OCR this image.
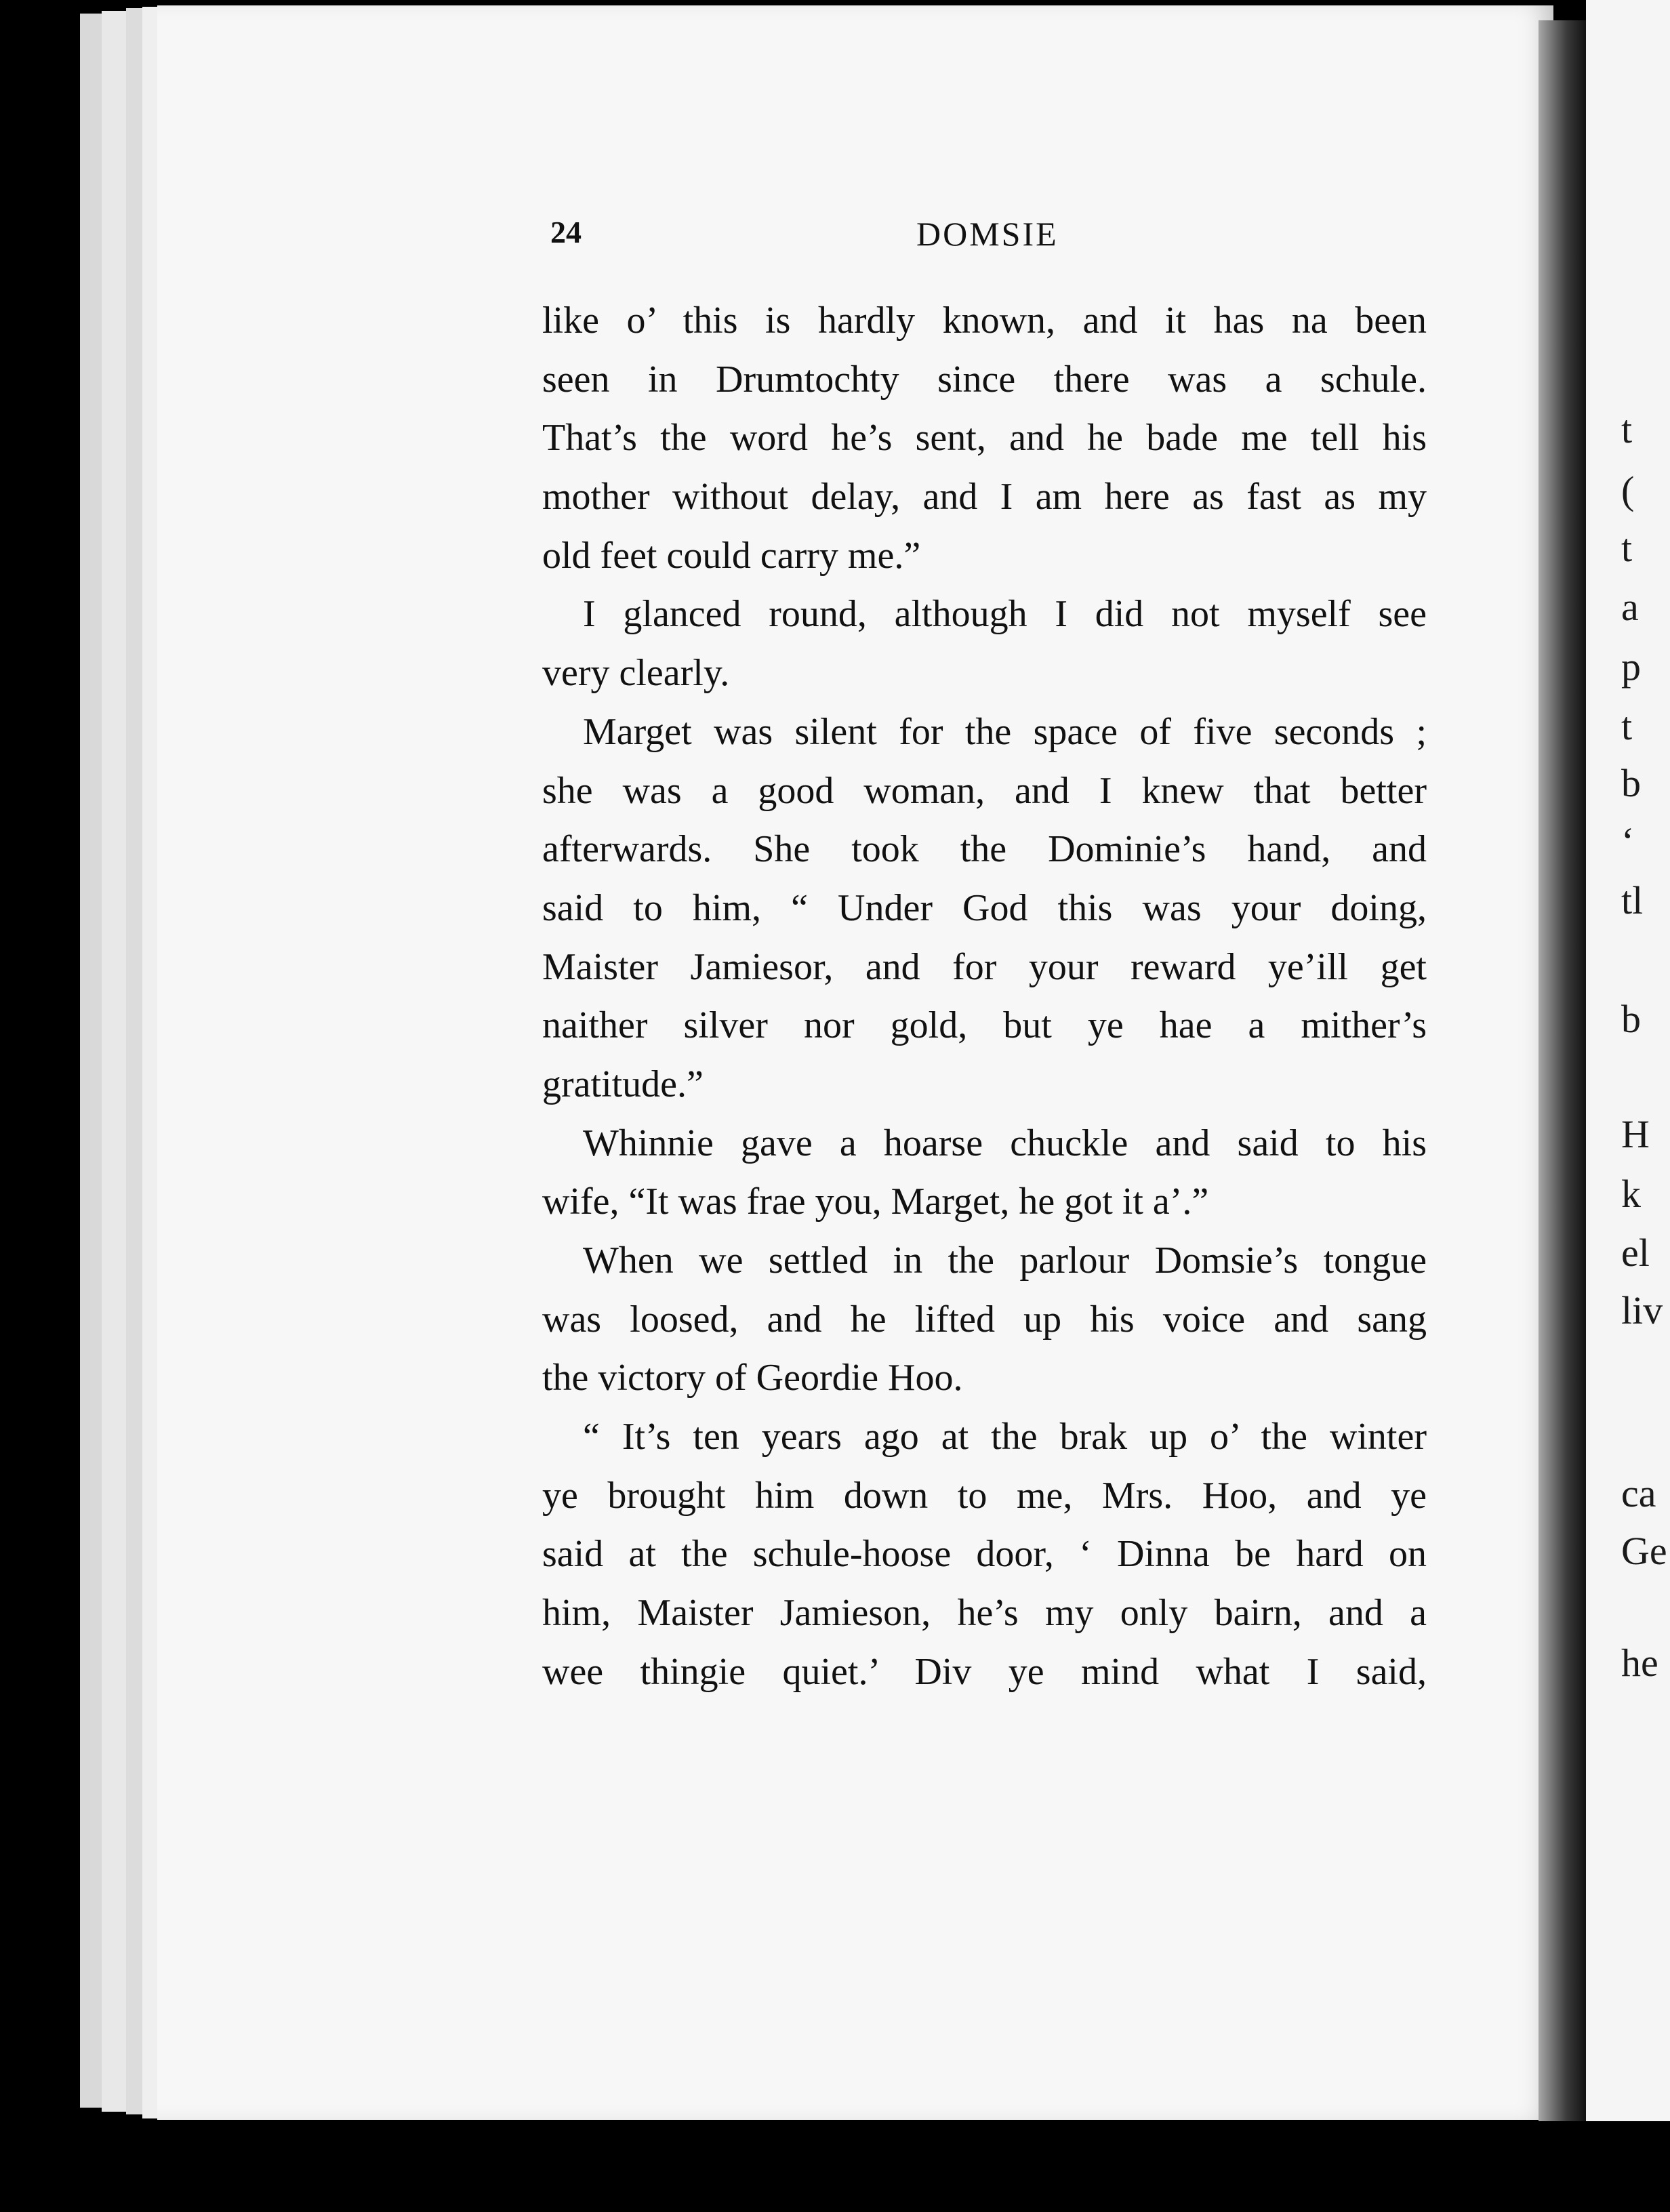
24	DOMSIE
like o’ this is hardly known, and it has na been
seen in Drumtochty since there was a schule.
That’s the word he’s sent, and he bade me tell his
mother without delay, and I am here as fast as my
old feet could carry me.”
I glanced round, although I did not myself see
very clearly.
Marget was silent for the space of five seconds ;
she was a good woman, and I knew that better
afterwards. She took the Dominie’s hand, and
said to him, “ Under God this was your doing,
Maister Jamiesor, and for your reward ye’ill get
naither silver nor gold, but ye hae a mither’s
gratitude.”
Whinnie gave a hoarse chuckle and said to his
wife, “It was frae you, Marget, he got it a’.”
When we settled in the parlour Domsie’s tongue
was loosed, and he lifted up his voice and sang
the victory of Geordie Hoo.
“ It’s ten years ago at the brak up o’ the winter
ye brought him down to me, Mrs. Hoo, and ye
said at the schule-hoose door, ‘ Dinna be hard on
him, Maister Jamieson, he’s my only bairn, and a
wee thingie quiet.’ Div ye mind what I said,
t
(
t
a
p
t
b
‘
tl
b
H
k
el
liv
ca
Ge
he
